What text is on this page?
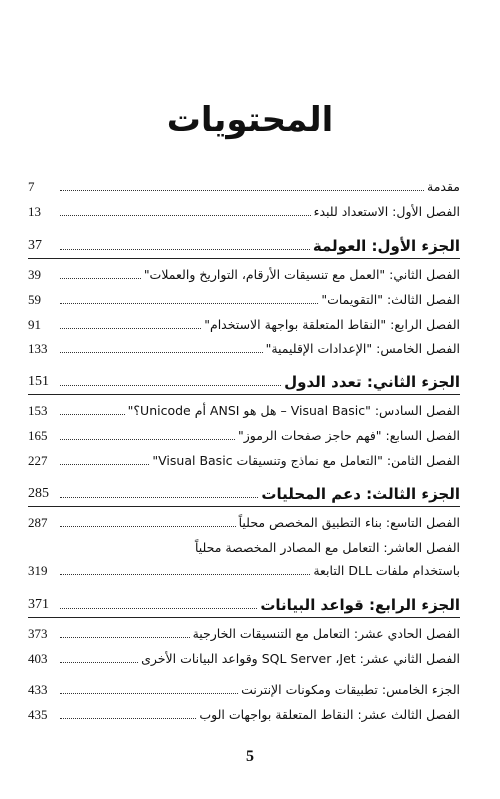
المحتويات
مقدمة
7
الفصل الأول: الاستعداد للبدء
13
الجزء الأول: العولمة
37
الفصل الثاني: "العمل مع تنسيقات الأرقام، التواريخ والعملات"
39
الفصل الثالث: "التقويمات"
59
الفصل الرابع: "النقاط المتعلقة بواجهة الاستخدام"
91
الفصل الخامس: "الإعدادات الإقليمية"
133
الجزء الثاني: تعدد الدول
151
الفصل السادس: "Visual Basic – هل هو ANSI أم Unicode؟"
153
الفصل السابع: "فهم حاجز صفحات الرموز"
165
الفصل الثامن: "التعامل مع نماذج وتنسيقات Visual Basic"
227
الجزء الثالث: دعم المحليات
285
الفصل التاسع: بناء التطبيق المخصص محلياً
287
الفصل العاشر: التعامل مع المصادر المخصصة محلياً
باستخدام ملفات DLL التابعة
319
الجزء الرابع: قواعد البيانات
371
الفصل الحادي عشر: التعامل مع التنسيقات الخارجية
373
الفصل الثاني عشر: SQL Server ،Jet وقواعد البيانات الأخرى
403
الجزء الخامس: تطبيقات ومكونات الإنترنت
433
الفصل الثالث عشر: النقاط المتعلقة بواجهات الوب
435
5
